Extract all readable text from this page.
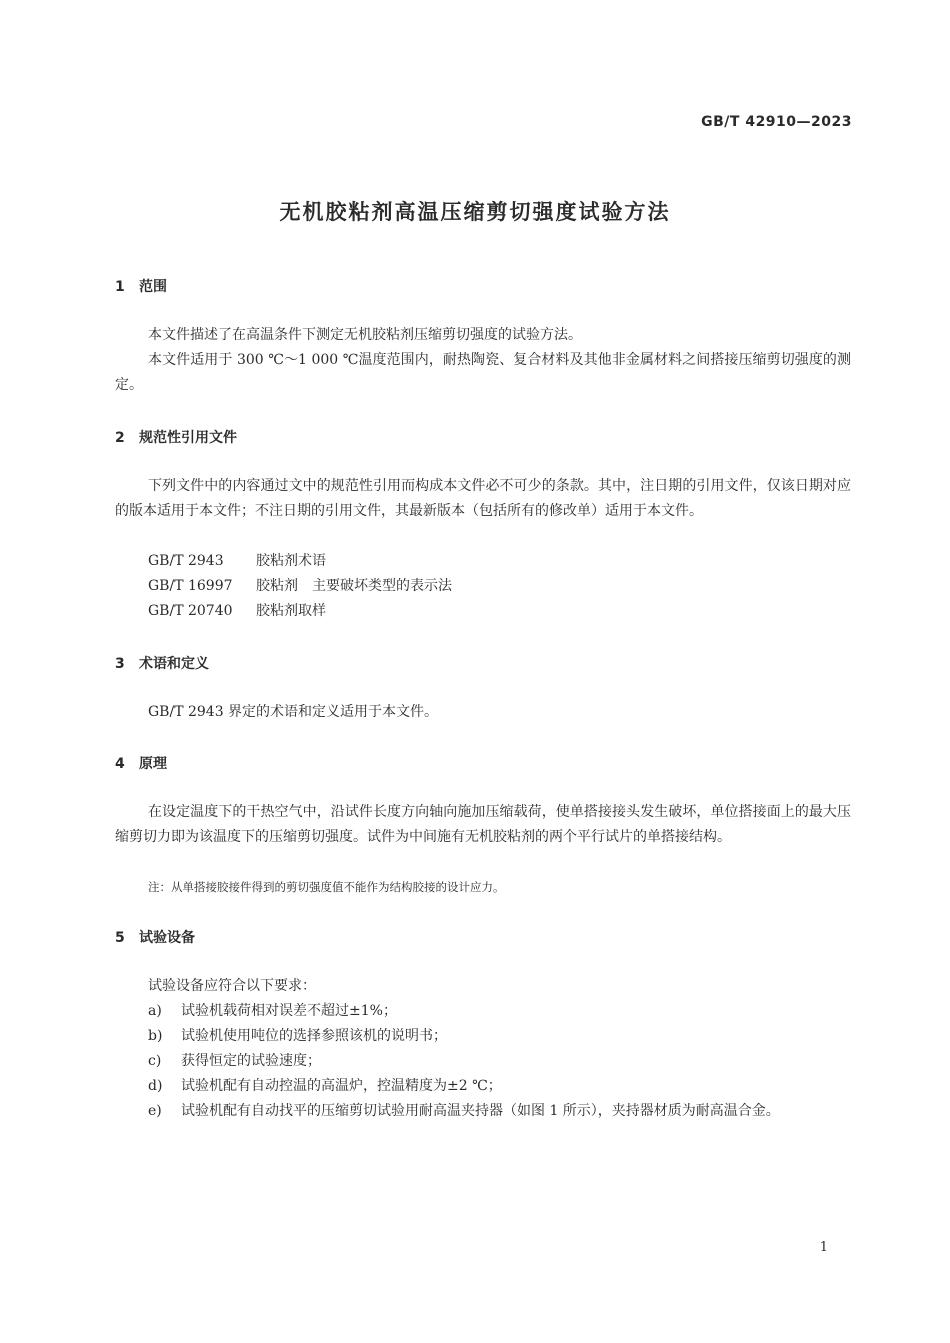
GB/T 42910—2023
无机胶粘剂高温压缩剪切强度试验方法
1 范围
本文件描述了在高温条件下测定无机胶粘剂压缩剪切强度的试验方法。
本文件适用于 300 ℃～1 000 ℃温度范围内，耐热陶瓷、复合材料及其他非金属材料之间搭接压缩剪切强度的测定。
2 规范性引用文件
下列文件中的内容通过文中的规范性引用而构成本文件必不可少的条款。其中，注日期的引用文件，仅该日期对应的版本适用于本文件；不注日期的引用文件，其最新版本（包括所有的修改单）适用于本文件。
GB/T 2943 胶粘剂术语
GB/T 16997 胶粘剂　主要破坏类型的表示法
GB/T 20740 胶粘剂取样
3 术语和定义
GB/T 2943 界定的术语和定义适用于本文件。
4 原理
在设定温度下的干热空气中，沿试件长度方向轴向施加压缩载荷，使单搭接接头发生破坏，单位搭接面上的最大压缩剪切力即为该温度下的压缩剪切强度。试件为中间施有无机胶粘剂的两个平行试片的单搭接结构。
注：从单搭接胶接件得到的剪切强度值不能作为结构胶接的设计应力。
5 试验设备
试验设备应符合以下要求：
a)	试验机载荷相对误差不超过±1%；
b)	试验机使用吨位的选择参照该机的说明书；
c)	获得恒定的试验速度；
d)	试验机配有自动控温的高温炉，控温精度为±2 ℃；
e)	试验机配有自动找平的压缩剪切试验用耐高温夹持器（如图 1 所示），夹持器材质为耐高温合金。
1
